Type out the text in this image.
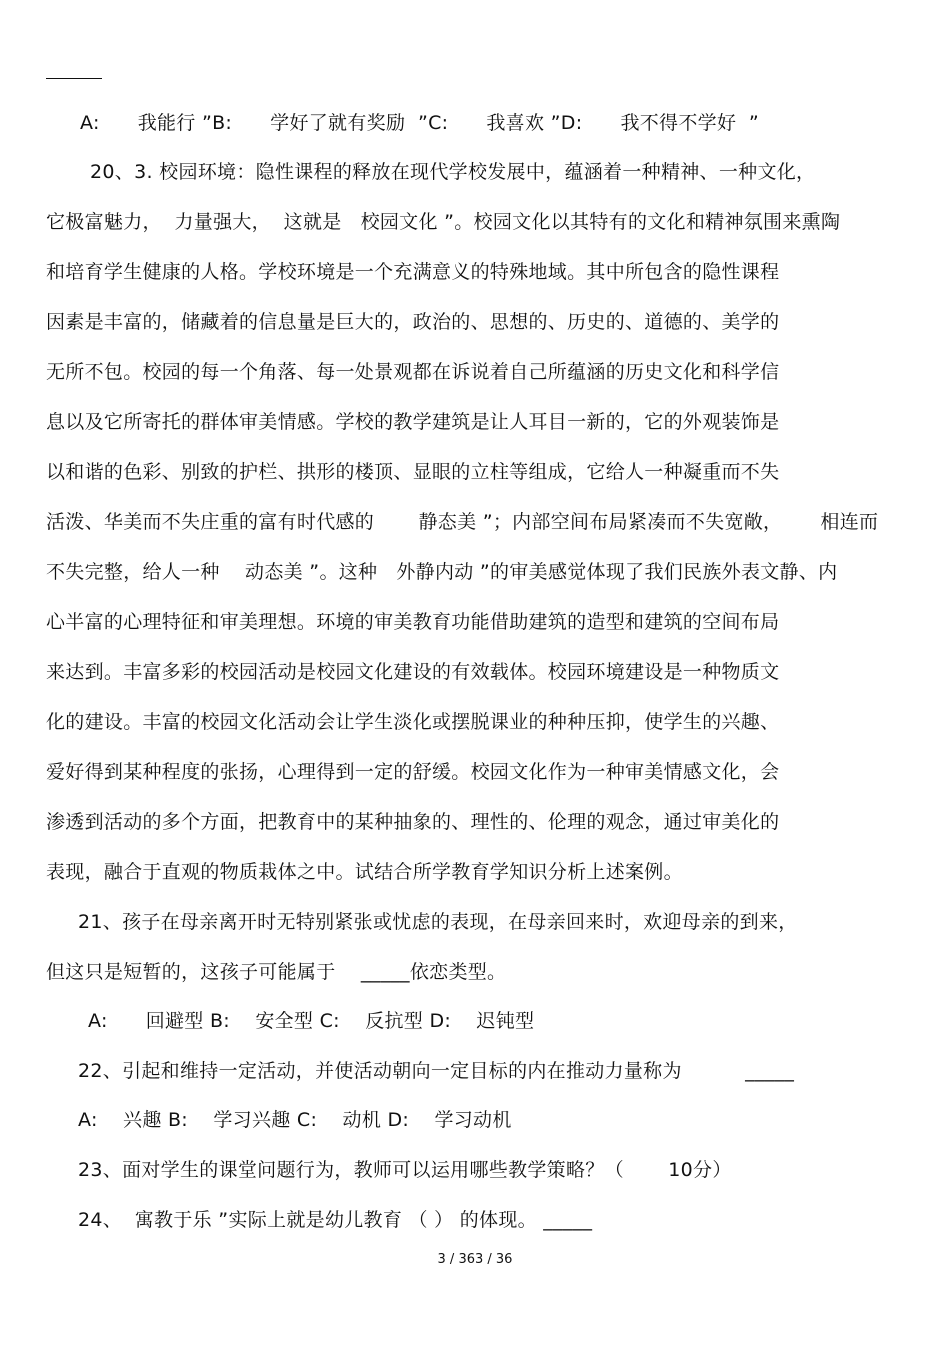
A:      我能行 ”B:      学好了就有奖励  ”C:      我喜欢 ”D:      我不得不学好  ”
20、3. 校园环境：隐性课程的释放在现代学校发展中，蕴涵着一种精神、一种文化，
它极富魅力，  力量强大，  这就是   校园文化 ”。校园文化以其特有的文化和精神氛围来熏陶
和培育学生健康的人格。学校环境是一个充满意义的特殊地域。其中所包含的隐性课程
因素是丰富的，储藏着的信息量是巨大的，政治的、思想的、历史的、道德的、美学的
无所不包。校园的每一个角落、每一处景观都在诉说着自己所蕴涵的历史文化和科学信
息以及它所寄托的群体审美情感。学校的教学建筑是让人耳目一新的，它的外观装饰是
以和谐的色彩、别致的护栏、拱形的楼顶、显眼的立柱等组成，它给人一种凝重而不失
活泼、华美而不失庄重的富有时代感的       静态美 ”；内部空间布局紧凑而不失宽敞，      相连而
不失完整，给人一种    动态美 ”。这种   外静内动 ”的审美感觉体现了我们民族外表文静、内
心半富的心理特征和审美理想。环境的审美教育功能借助建筑的造型和建筑的空间布局
来达到。丰富多彩的校园活动是校园文化建设的有效载体。校园环境建设是一种物质文
化的建设。丰富的校园文化活动会让学生淡化或摆脱课业的种种压抑，使学生的兴趣、
爱好得到某种程度的张扬，心理得到一定的舒缓。校园文化作为一种审美情感文化，会
渗透到活动的多个方面，把教育中的某种抽象的、理性的、伦理的观念，通过审美化的
表现，融合于直观的物质栽体之中。试结合所学教育学知识分析上述案例。
21、孩子在母亲离开时无特别紧张或忧虑的表现，在母亲回来时，欢迎母亲的到来，
但这只是短暂的，这孩子可能属于    _____依恋类型。
A:      回避型 B:    安全型 C:    反抗型 D:    迟钝型
22、引起和维持一定活动，并使活动朝向一定目标的内在推动力量称为          _____
A:    兴趣 B:    学习兴趣 C:    动机 D:    学习动机
23、面对学生的课堂问题行为，教师可以运用哪些教学策略？（       10分）
24、  寓教于乐 ”实际上就是幼儿教育 （ ） 的体现。 _____
3 / 363 / 36
